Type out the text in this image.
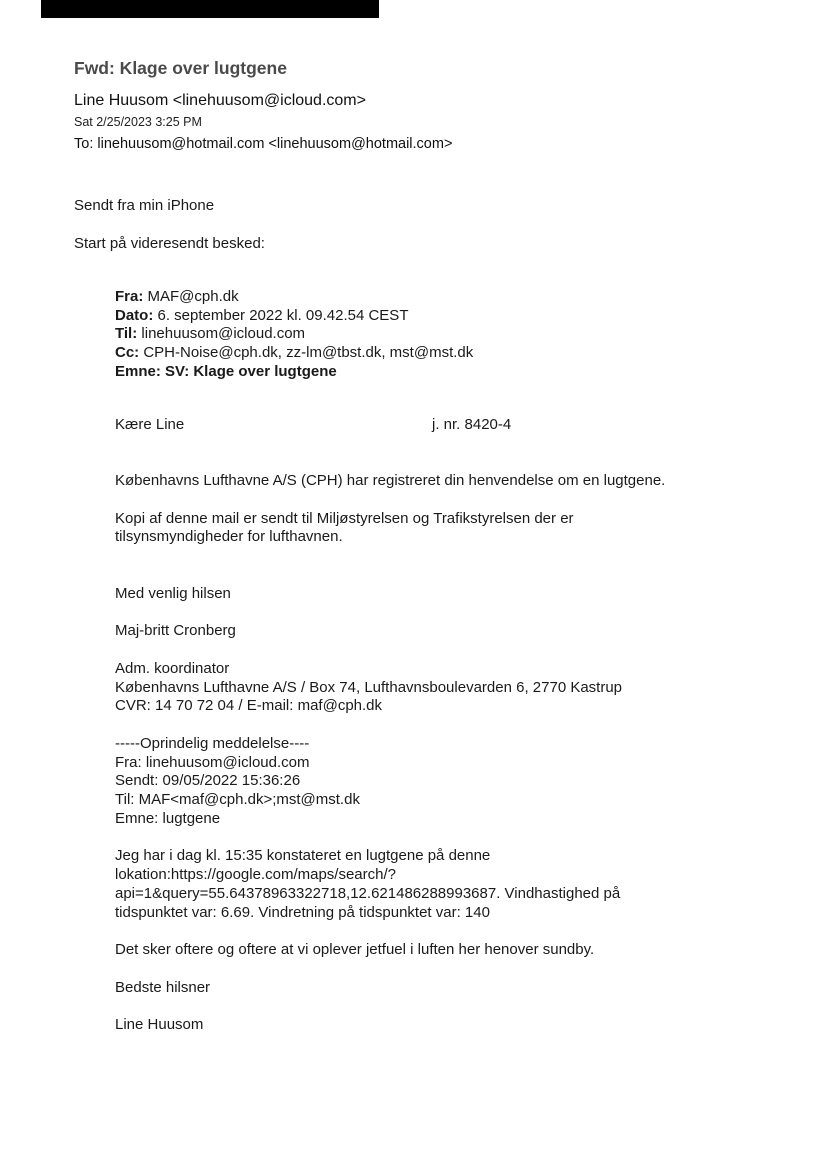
Fwd: Klage over lugtgene
Line Huusom <linehuusom@icloud.com>
Sat 2/25/2023 3:25 PM
To: linehuusom@hotmail.com <linehuusom@hotmail.com>
Sendt fra min iPhone
Start på videresendt besked:
Fra: MAF@cph.dk
Dato: 6. september 2022 kl. 09.42.54 CEST
Til: linehuusom@icloud.com
Cc: CPH-Noise@cph.dk, zz-lm@tbst.dk, mst@mst.dk
Emne: SV: Klage over lugtgene
Kære Line	j. nr. 8420-4
Københavns Lufthavne A/S (CPH) har registreret din henvendelse om en lugtgene.
Kopi af denne mail er sendt til Miljøstyrelsen og Trafikstyrelsen der er
tilsynsmyndigheder for lufthavnen.
Med venlig hilsen
Maj-britt Cronberg
Adm. koordinator
Københavns Lufthavne A/S / Box 74, Lufthavnsboulevarden 6, 2770 Kastrup
CVR: 14 70 72 04 / E-mail: maf@cph.dk
-----Oprindelig meddelelse----
Fra: linehuusom@icloud.com
Sendt: 09/05/2022 15:36:26
Til: MAF<maf@cph.dk>;mst@mst.dk
Emne: lugtgene
Jeg har i dag kl. 15:35 konstateret en lugtgene på denne
lokation:https://google.com/maps/search/?
api=1&query=55.64378963322718,12.621486288993687. Vindhastighed på
tidspunktet var: 6.69. Vindretning på tidspunktet var: 140
Det sker oftere og oftere at vi oplever jetfuel i luften her henover sundby.
Bedste hilsner
Line Huusom
